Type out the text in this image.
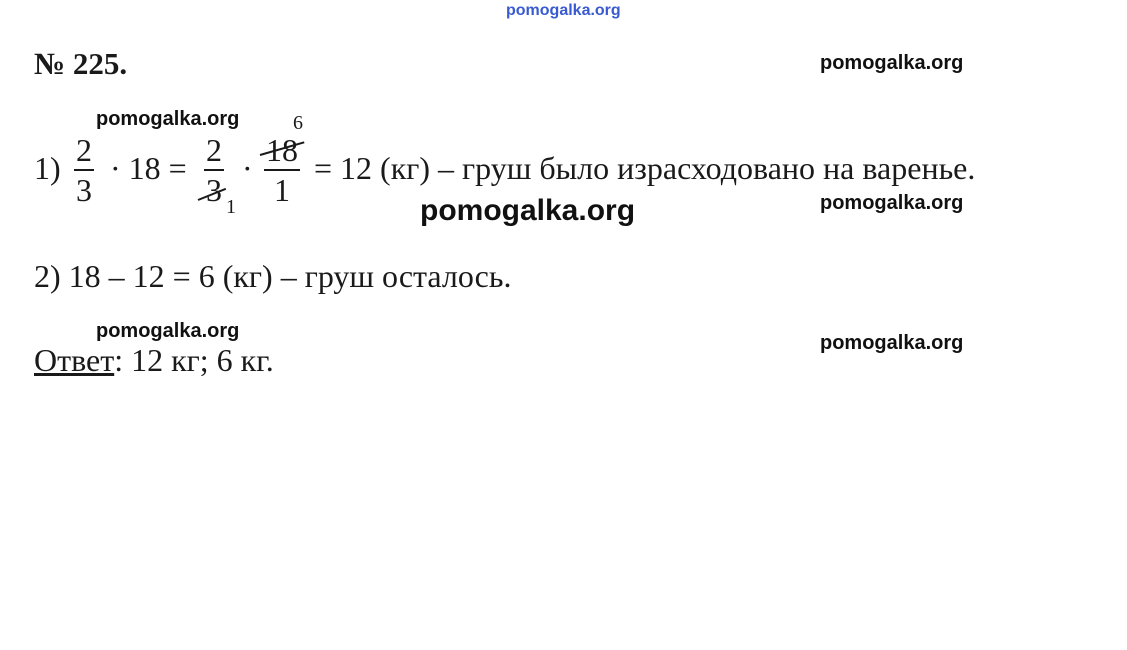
pomogalka.org
№ 225.	pomogalka.org
pomogalka.org
pomogalka.org	pomogalka.org
pomogalka.org
pomogalka.org
1) 2
3
· 18 = 2
3 1
· 18
1
6
= 12 (кг) – груш было израсходовано на варенье.
2) 18 – 12 = 6 (кг) – груш осталось.
Ответ: 12 кг; 6 кг.
